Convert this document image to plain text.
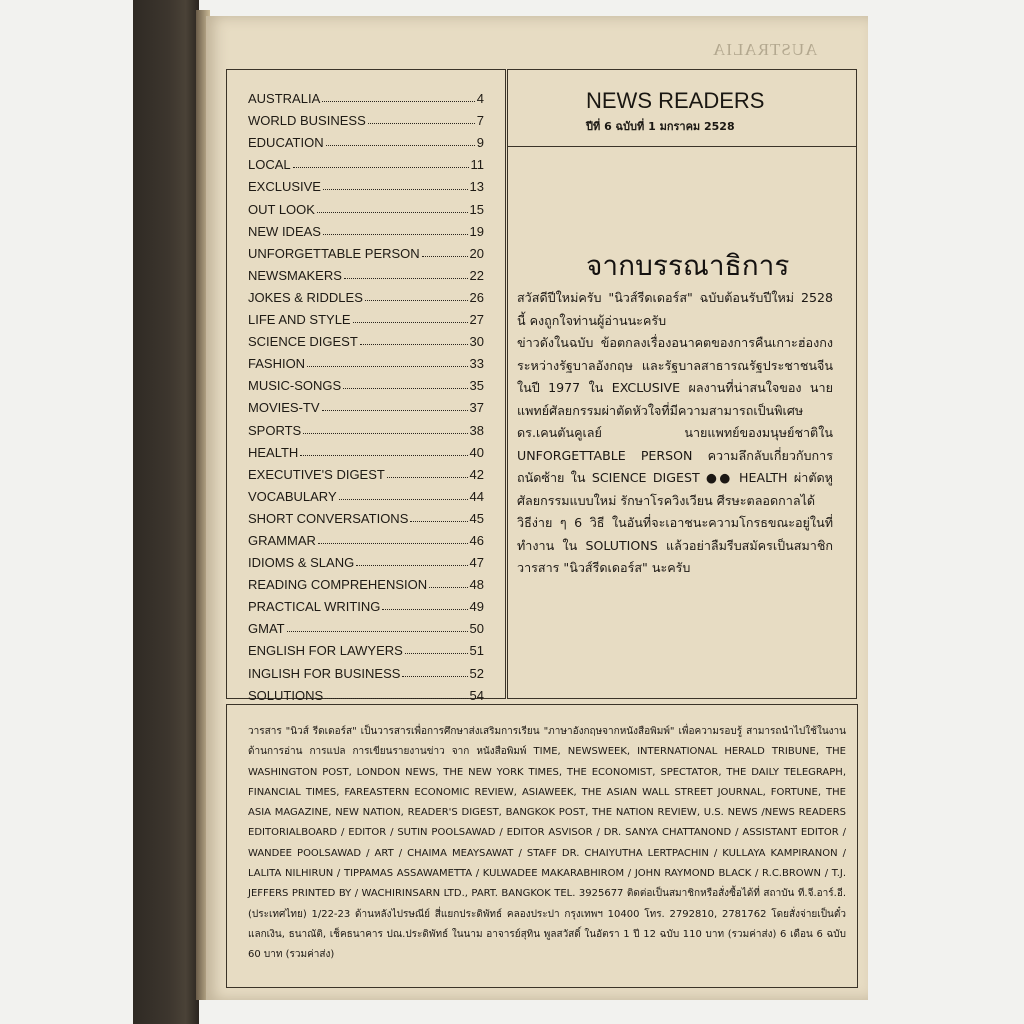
AUSTRALIA
AUSTRALIA	4
WORLD BUSINESS	7
EDUCATION	9
LOCAL	11
EXCLUSIVE	13
OUT LOOK	15
NEW IDEAS	19
UNFORGETTABLE PERSON	20
NEWSMAKERS	22
JOKES & RIDDLES	26
LIFE AND STYLE	27
SCIENCE DIGEST	30
FASHION	33
MUSIC-SONGS	35
MOVIES-TV	37
SPORTS	38
HEALTH	40
EXECUTIVE'S DIGEST	42
VOCABULARY	44
SHORT CONVERSATIONS	45
GRAMMAR	46
IDIOMS & SLANG	47
READING COMPREHENSION	48
PRACTICAL WRITING	49
GMAT	50
ENGLISH FOR LAWYERS	51
INGLISH FOR BUSINESS	52
SOLUTIONS	54
NEWS READERS
ปีที่ 6 ฉบับที่ 1 มกราคม 2528
จากบรรณาธิการ

สวัสดีปีใหม่ครับ "นิวส์รีดเดอร์ส" ฉบับต้อนรับปีใหม่ 2528 นี้ คงถูกใจท่านผู้อ่านนะครับ

ข่าวดังในฉบับ ข้อตกลงเรื่องอนาคตของการคืนเกาะฮ่องกง ระหว่างรัฐบาลอังกฤษ และรัฐบาลสาธารณรัฐประชาชนจีนในปี 1977 ใน EXCLUSIVE ผลงานที่น่าสนใจของ นายแพทย์ศัลยกรรมผ่าตัดหัวใจที่มีความสามารถเป็นพิเศษ ดร.เคนตันคูเลย์ นายแพทย์ของมนุษย์ชาติใน UNFORGETTABLE PERSON ความลึกลับเกี่ยวกับการถนัดซ้าย ใน SCIENCE DIGEST ●● HEALTH ผ่าตัดหูศัลยกรรมแบบใหม่ รักษาโรควิงเวียน ศีรษะตลอดกาลได้

วิธีง่าย ๆ 6 วิธี ในอันที่จะเอาชนะความโกรธขณะอยู่ในที่ทำงาน ใน SOLUTIONS แล้วอย่าลืมรีบสมัครเป็นสมาชิกวารสาร "นิวส์รีดเดอร์ส" นะครับ

วารสาร "นิวส์ รีดเดอร์ส" เป็นวารสารเพื่อการศึกษาส่งเสริมการเรียน "ภาษาอังกฤษจากหนังสือพิมพ์" เพื่อความรอบรู้ สามารถนำไปใช้ในงานด้านการอ่าน การแปล การเขียนรายงานข่าว จาก หนังสือพิมพ์ TIME, NEWSWEEK, INTERNATIONAL HERALD TRIBUNE, THE WASHINGTON POST, LONDON NEWS, THE NEW YORK TIMES, THE ECONOMIST, SPECTATOR, THE DAILY TELEGRAPH, FINANCIAL TIMES, FAREASTERN ECONOMIC REVIEW, ASIAWEEK, THE ASIAN WALL STREET JOURNAL, FORTUNE, THE ASIA MAGAZINE, NEW NATION, READER'S DIGEST, BANGKOK POST, THE NATION REVIEW, U.S. NEWS /NEWS READERS EDITORIALBOARD / EDITOR / SUTIN POOLSAWAD / EDITOR ASVISOR / DR. SANYA CHATTANOND / ASSISTANT EDITOR / WANDEE POOLSAWAD / ART / CHAIMA MEAYSAWAT / STAFF DR. CHAIYUTHA LERTPACHIN / KULLAYA KAMPIRANON / LALITA NILHIRUN / TIPPAMAS ASSAWAMETTA / KULWADEE MAKARABHIROM / JOHN RAYMOND BLACK / R.C.BROWN / T.J. JEFFERS PRINTED BY / WACHIRINSARN LTD., PART. BANGKOK TEL. 3925677 ติดต่อเป็นสมาชิกหรือสั่งซื้อได้ที่ สถาบัน ที.จี.อาร์.อี. (ประเทศไทย) 1/22-23 ด้านหลังไปรษณีย์ สี่แยกประดิพัทธ์ คลองประปา กรุงเทพฯ 10400 โทร. 2792810, 2781762 โดยสั่งจ่ายเป็นตั๋วแลกเงิน, ธนาณัติ, เช็คธนาคาร ปณ.ประดิพัทธ์ ในนาม อาจารย์สุทิน พูลสวัสดิ์ ในอัตรา 1 ปี 12 ฉบับ 110 บาท (รวมค่าส่ง) 6 เดือน 6 ฉบับ 60 บาท (รวมค่าส่ง)
